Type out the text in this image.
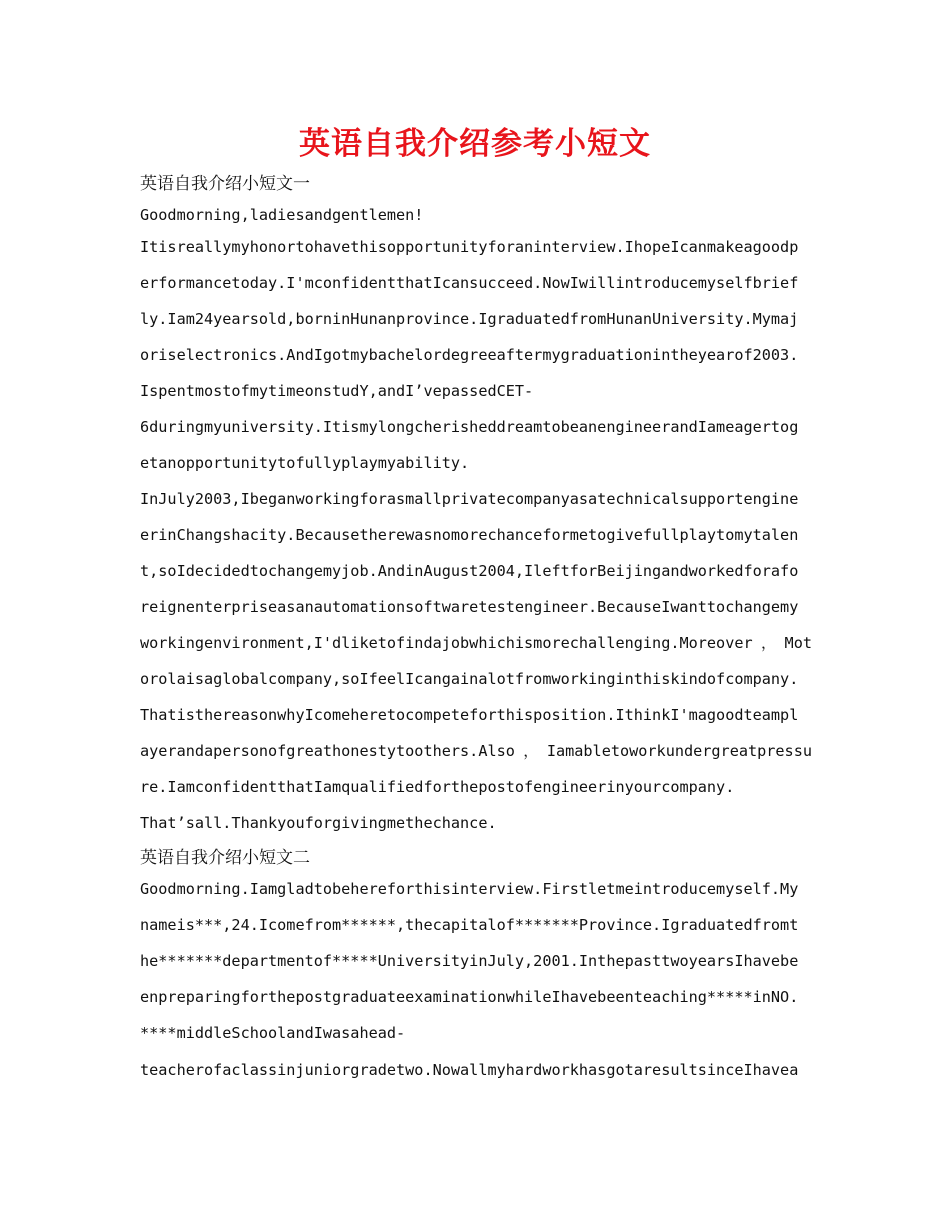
英语自我介绍参考小短文
英语自我介绍小短文一
Goodmorning,ladiesandgentlemen!
Itisreallymyhonortohavethisopportunityforaninterview.IhopeIcanmakeagoodp
erformancetoday.I'mconfidentthatIcansucceed.NowIwillintroducemyselfbrief
ly.Iam24yearsold,borninHunanprovince.IgraduatedfromHunanUniversity.Mymaj
oriselectronics.AndIgotmybachelordegreeaftermygraduationintheyearof2003.
IspentmostofmytimeonstudY,andI’vepassedCET-
6duringmyuniversity.ItismylongcherisheddreamtobeanengineerandIameagertog
etanopportunitytofullyplaymyability.
InJuly2003,Ibeganworkingforasmallprivatecompanyasatechnicalsupportengine
erinChangshacity.Becausetherewasnomorechanceformetogivefullplaytomytalen
t,soIdecidedtochangemyjob.AndinAugust2004,IleftforBeijingandworkedforafo
reignenterpriseasanautomationsoftwaretestengineer.BecauseIwanttochangemy
workingenvironment,I'dliketofindajobwhichismorechallenging.Moreover，Mot
orolaisaglobalcompany,soIfeelIcangainalotfromworkinginthiskindofcompany.
ThatisthereasonwhyIcomeheretocompeteforthisposition.IthinkI'magoodteampl
ayerandapersonofgreathonestytoothers.Also，Iamabletoworkundergreatpressu
re.IamconfidentthatIamqualifiedforthepostofengineerinyourcompany.
That’sall.Thankyouforgivingmethechance.
英语自我介绍小短文二
Goodmorning.Iamgladtobehereforthisinterview.Firstletmeintroducemyself.My
nameis***,24.Icomefrom******,thecapitalof*******Province.Igraduatedfromt
he*******departmentof*****UniversityinJuly,2001.InthepasttwoyearsIhavebe
enpreparingforthepostgraduateexaminationwhileIhavebeenteaching*****inNO.
****middleSchoolandIwasahead-
teacherofaclassinjuniorgradetwo.NowallmyhardworkhasgotaresultsinceIhavea
